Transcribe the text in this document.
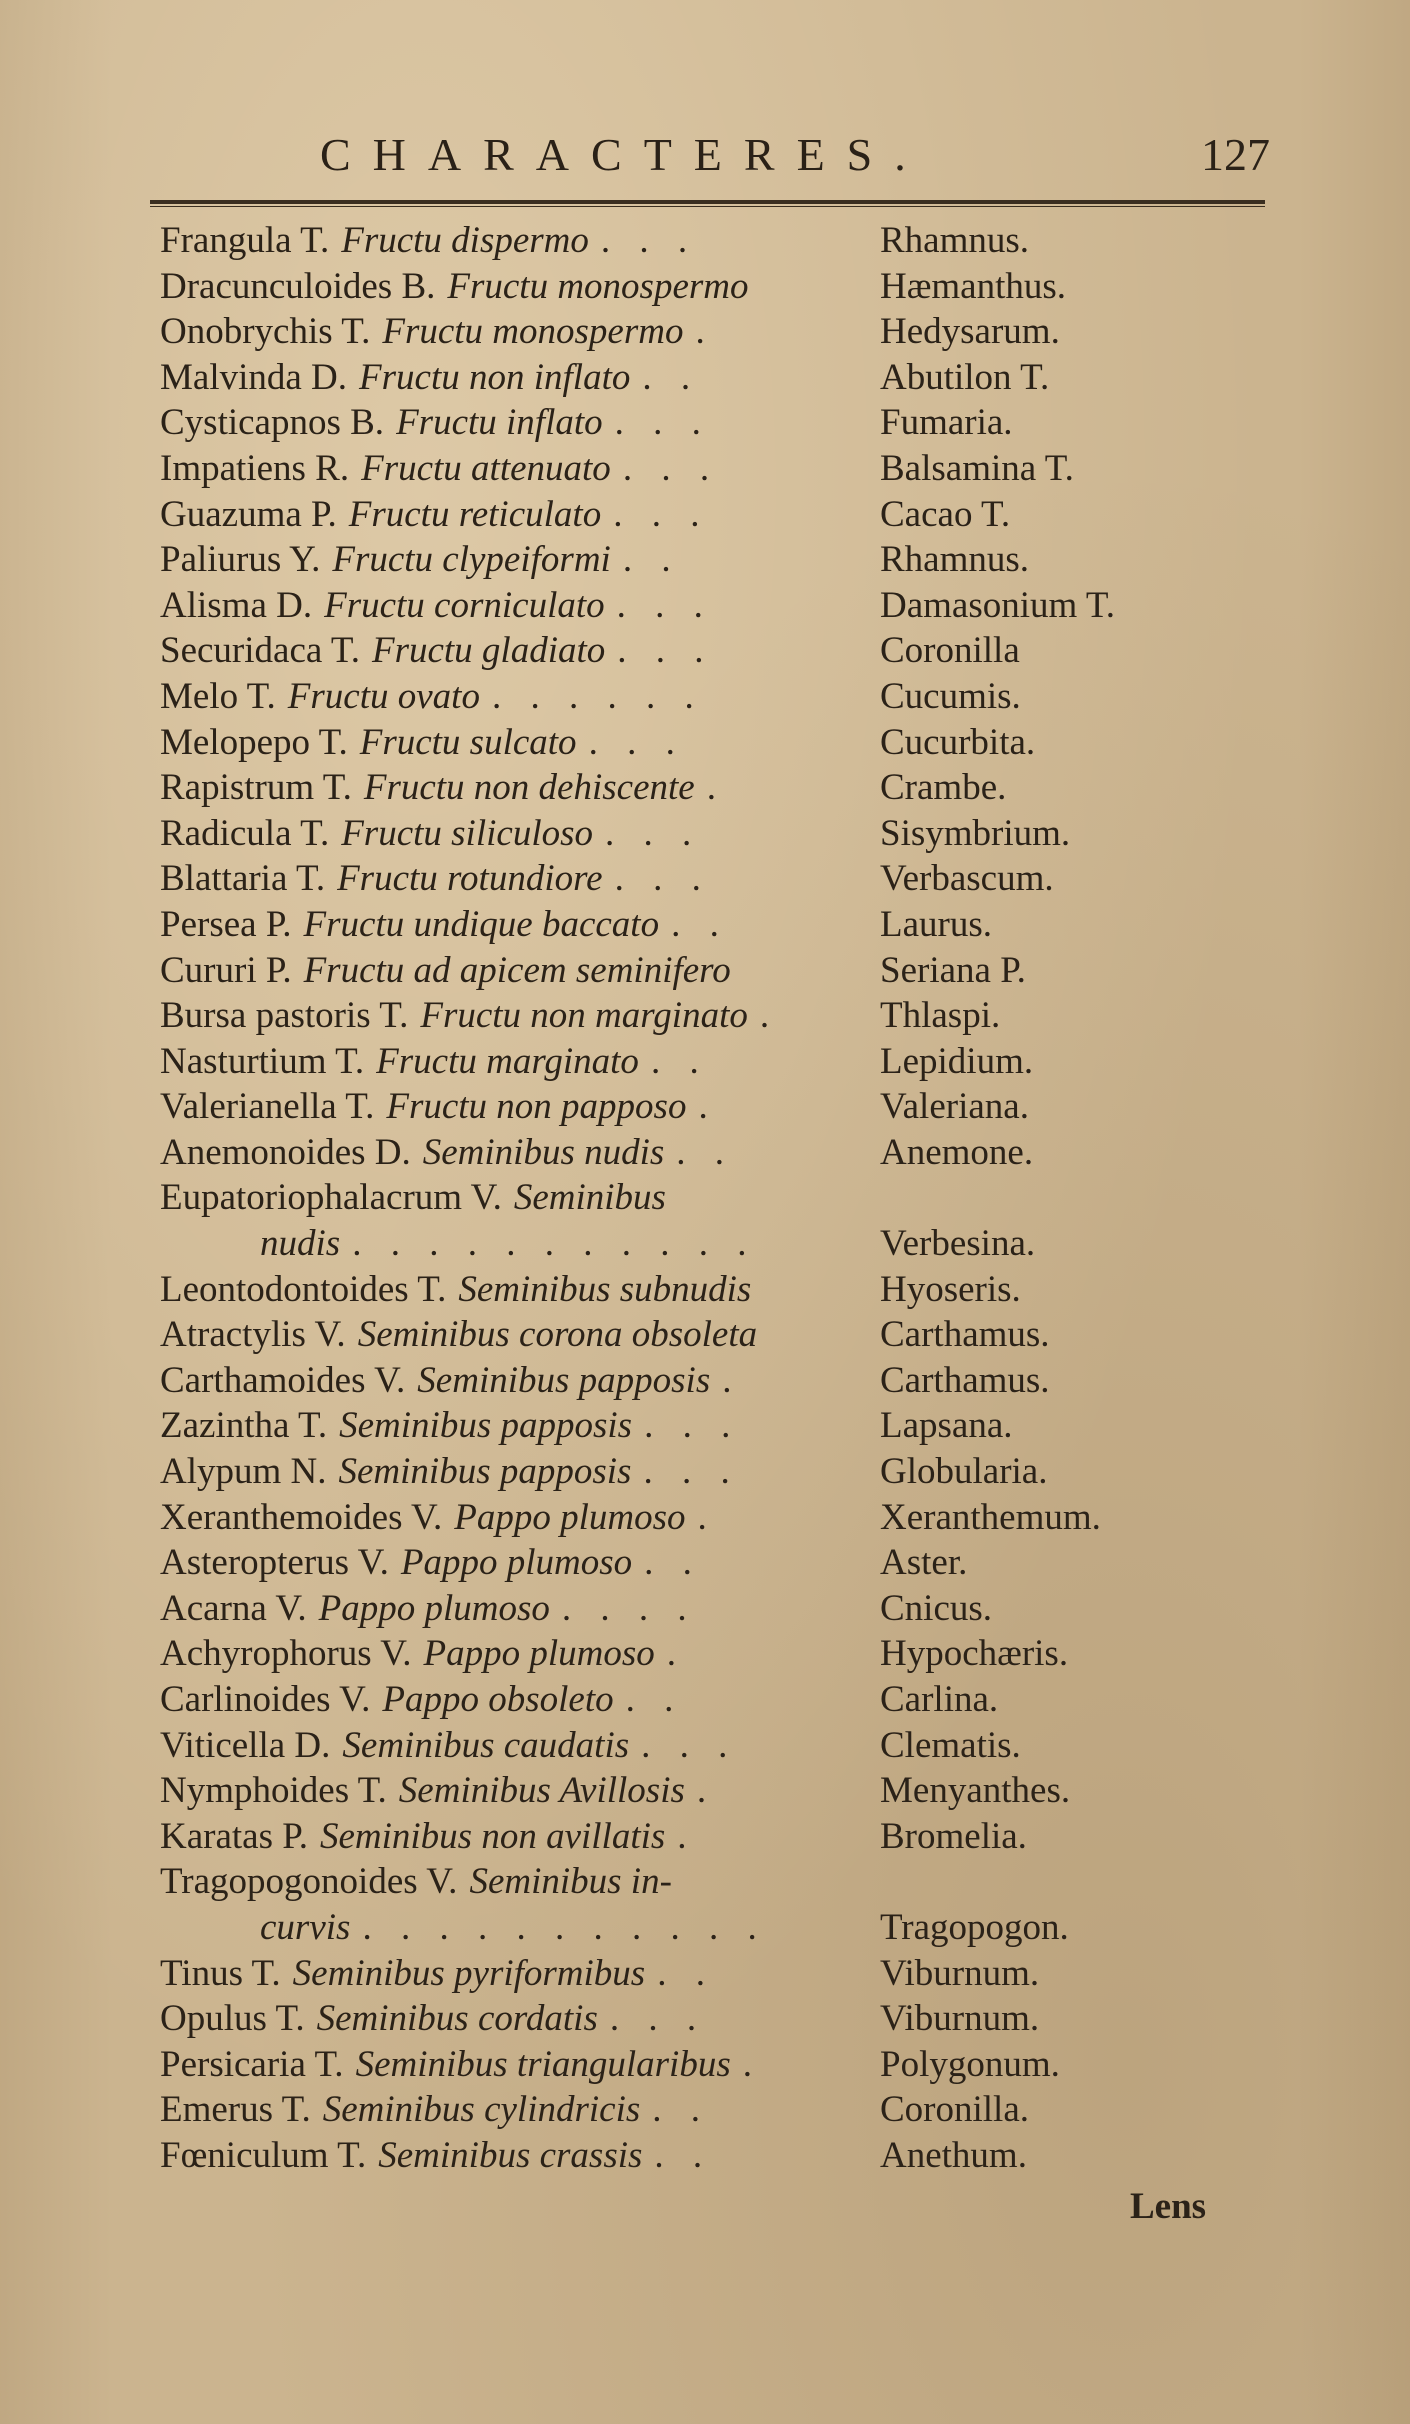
CHARACTERES.	127
Frangula T. Fructu dispermo . . .	Rhamnus.
Dracunculoides B. Fructu monospermo	Hæmanthus.
Onobrychis T. Fructu monospermo .	Hedysarum.
Malvinda D. Fructu non inflato . .	Abutilon T.
Cysticapnos B. Fructu inflato . . .	Fumaria.
Impatiens R. Fructu attenuato . . .	Balsamina T.
Guazuma P. Fructu reticulato . . .	Cacao T.
Paliurus Y. Fructu clypeiformi . .	Rhamnus.
Alisma D. Fructu corniculato . . .	Damasonium T.
Securidaca T. Fructu gladiato . . .	Coronilla
Melo T. Fructu ovato . . . . . .	Cucumis.
Melopepo T. Fructu sulcato . . .	Cucurbita.
Rapistrum T. Fructu non dehiscente .	Crambe.
Radicula T. Fructu siliculoso . . .	Sisymbrium.
Blattaria T. Fructu rotundiore . . .	Verbascum.
Persea P. Fructu undique baccato . .	Laurus.
Cururi P. Fructu ad apicem seminifero	Seriana P.
Bursa pastoris T. Fructu non marginato .	Thlaspi.
Nasturtium T. Fructu marginato . .	Lepidium.
Valerianella T. Fructu non papposo .	Valeriana.
Anemonoides D. Seminibus nudis . .	Anemone.
Eupatoriophalacrum V. Seminibus
nudis . . . . . . . . . . .	Verbesina.
Leontodontoides T. Seminibus subnudis	Hyoseris.
Atractylis V. Seminibus corona obsoleta	Carthamus.
Carthamoides V. Seminibus papposis .	Carthamus.
Zazintha T. Seminibus papposis . . .	Lapsana.
Alypum N. Seminibus papposis . . .	Globularia.
Xeranthemoides V. Pappo plumoso .	Xeranthemum.
Asteropterus V. Pappo plumoso . .	Aster.
Acarna V. Pappo plumoso . . . .	Cnicus.
Achyrophorus V. Pappo plumoso .	Hypochæris.
Carlinoides V. Pappo obsoleto . .	Carlina.
Viticella D. Seminibus caudatis . . .	Clematis.
Nymphoides T. Seminibus Avillosis .	Menyanthes.
Karatas P. Seminibus non avillatis .	Bromelia.
Tragopogonoides V. Seminibus in-
curvis . . . . . . . . . . .	Tragopogon.
Tinus T. Seminibus pyriformibus . .	Viburnum.
Opulus T. Seminibus cordatis . . .	Viburnum.
Persicaria T. Seminibus triangularibus .	Polygonum.
Emerus T. Seminibus cylindricis . .	Coronilla.
Fœniculum T. Seminibus crassis . .	Anethum.
Lens
